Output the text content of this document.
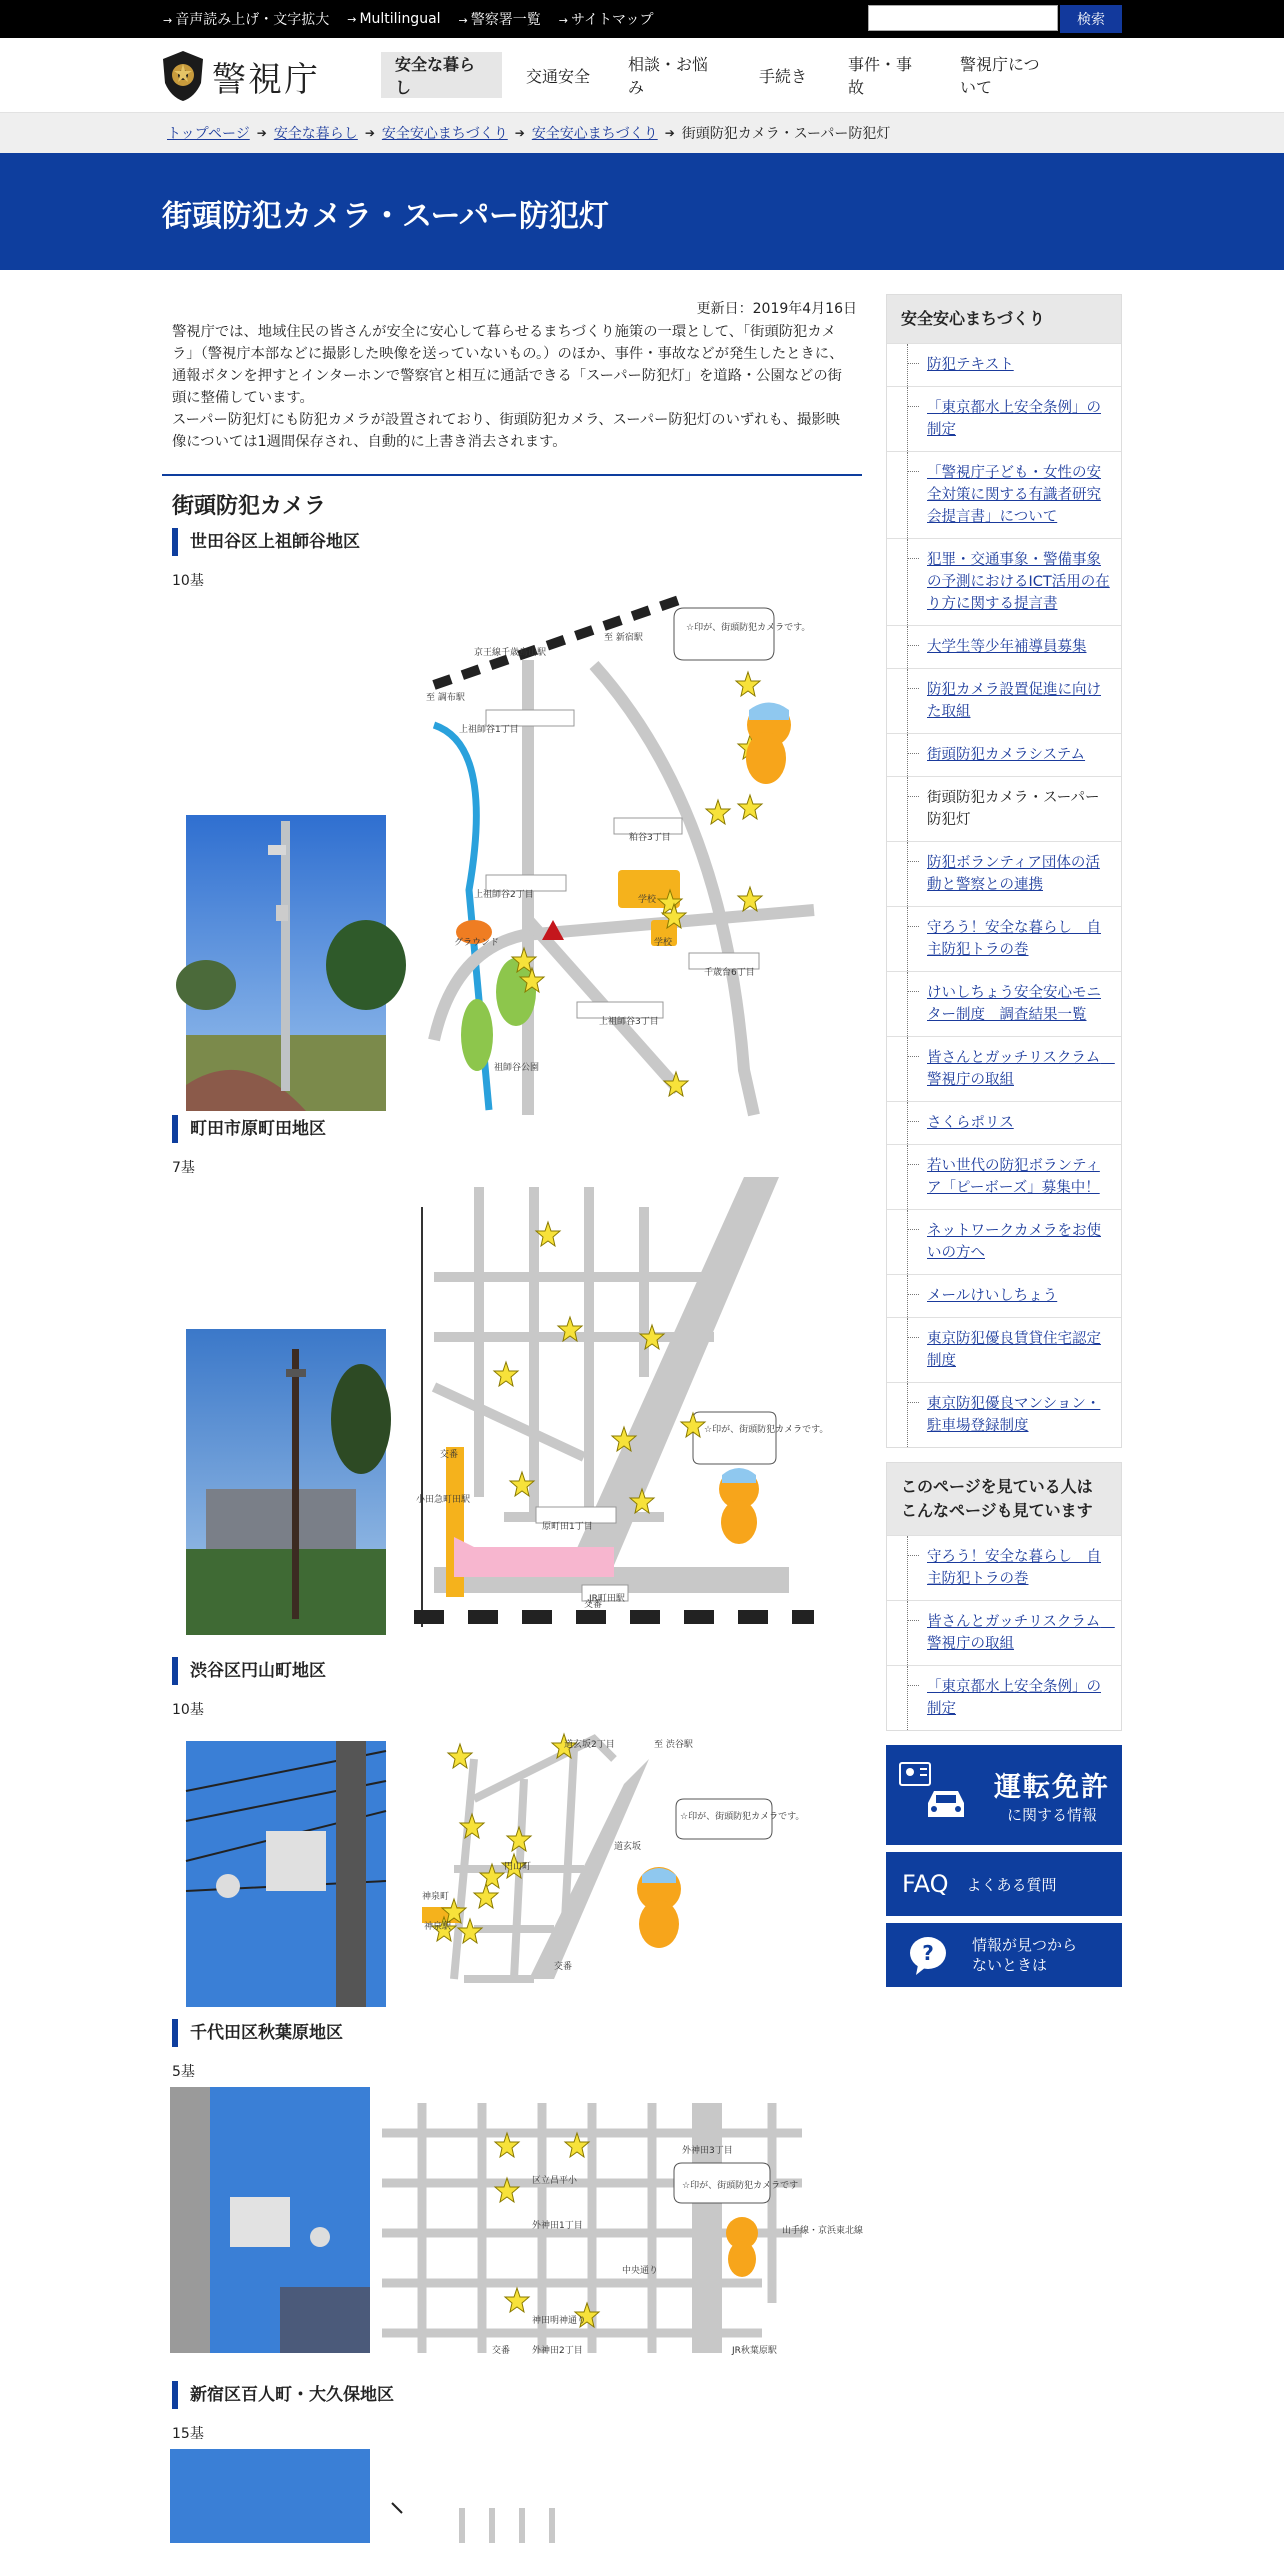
→ 音声読み上げ・文字拡大	→ Multilingual	→ 警察署一覧	→ サイトマップ	検索
警視庁	安全な暮らし
交通安全
相談・お悩み
手続き
事件・事故
警視庁について
トップページ ➔ 安全な暮らし ➔ 安全安心まちづくり ➔ 安全安心まちづくり ➔ 街頭防犯カメラ・スーパー防犯灯
街頭防犯カメラ・スーパー防犯灯
更新日：2019年4月16日

警視庁では、地域住民の皆さんが安全に安心して暮らせるまちづくり施策の一環として、「街頭防犯カメラ」（警視庁本部などに撮影した映像を送っていないもの。）のほか、事件・事故などが発生したときに、通報ボタンを押すとインターホンで警察官と相互に通話できる「スーパー防犯灯」を道路・公園などの街頭に整備しています。

スーパー防犯灯にも防犯カメラが設置されており、街頭防犯カメラ、スーパー防犯灯のいずれも、撮影映像については1週間保存され、自動的に上書き消去されます。

街頭防犯カメラ
世田谷区上祖師谷地区
10基
上祖師谷1丁目
粕谷3丁目
上祖師谷2丁目
千歳台6丁目
上祖師谷3丁目
学校
学校
グラウンド
祖師谷公園
☆印が、街頭防犯カメラです。
至 調布駅
至 新宿駅
京王線千歳烏山駅
町田市原町田地区
7基
原町田1丁目
交番
交番
小田急町田駅
JR町田駅
☆印が、街頭防犯カメラです。
渋谷区円山町地区
10基
道玄坂2丁目	至 渋谷駅
円山町
道玄坂
神泉町
神泉駅
交番
☆印が、街頭防犯カメラです。
千代田区秋葉原地区
5基
外神田3丁目
外神田1丁目
中央通り
区立昌平小
神田明神通り
交番 外神田2丁目	JR秋葉原駅
山手線・京浜東北線
☆印が、街頭防犯カメラです
新宿区百人町・大久保地区
15基
安全安心まちづくり
防犯テキスト
「東京都水上安全条例」の制定
「警視庁子ども・女性の安全対策に関する有識者研究会提言書」について
犯罪・交通事象・警備事象の予測におけるICT活用の在り方に関する提言書
大学生等少年補導員募集
防犯カメラ設置促進に向けた取組
街頭防犯カメラシステム
街頭防犯カメラ・スーパー防犯灯
防犯ボランティア団体の活動と警察との連携
守ろう！安全な暮らし　自主防犯トラの巻
けいしちょう安全安心モニター制度　調査結果一覧
皆さんとガッチリスクラム　警視庁の取組
さくらポリス
若い世代の防犯ボランティア「ピーボーズ」募集中！
ネットワークカメラをお使いの方へ
メールけいしちょう
東京防犯優良賃貸住宅認定制度
東京防犯優良マンション・駐車場登録制度
このページを見ている人はこんなページも見ています
守ろう！安全な暮らし　自主防犯トラの巻
皆さんとガッチリスクラム　警視庁の取組
「東京都水上安全条例」の制定
運転免許
に関する情報
FAQ よくある質問
?	情報が見つからないときは
